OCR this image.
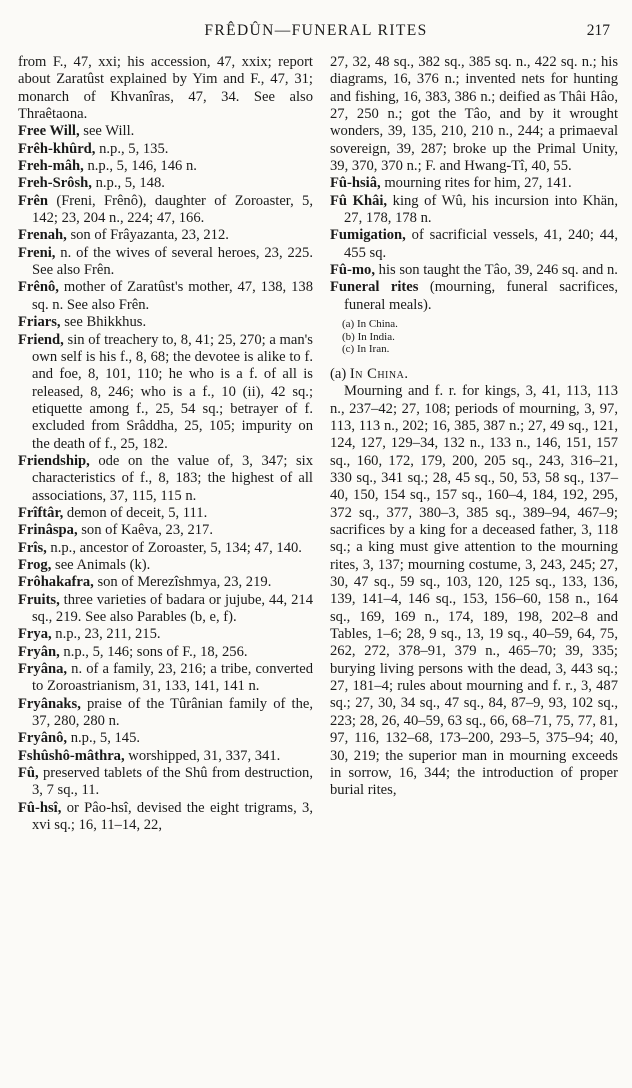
FRÊDÛN—FUNERAL RITES	217

from F., 47, xxi; his accession, 47, xxix; report about Zaratûst explained by Yim and F., 47, 31; monarch of Khvanîras, 47, 34. See also Thraêtaona.

Free Will, see Will.

Frêh-khûrd, n.p., 5, 135.

Freh-mâh, n.p., 5, 146, 146 n.

Freh-Srôsh, n.p., 5, 148.

Frên (Freni, Frênô), daughter of Zoroaster, 5, 142; 23, 204 n., 224; 47, 166.

Frenah, son of Frâyazanta, 23, 212.

Freni, n. of the wives of several heroes, 23, 225. See also Frên.

Frênô, mother of Zaratûst's mother, 47, 138, 138 sq. n. See also Frên.

Friars, see Bhikkhus.

Friend, sin of treachery to, 8, 41; 25, 270; a man's own self is his f., 8, 68; the devotee is alike to f. and foe, 8, 101, 110; he who is a f. of all is released, 8, 246; who is a f., 10 (ii), 42 sq.; etiquette among f., 25, 54 sq.; betrayer of f. excluded from Srâddha, 25, 105; impurity on the death of f., 25, 182.

Friendship, ode on the value of, 3, 347; six characteristics of f., 8, 183; the highest of all associations, 37, 115, 115 n.

Frîftâr, demon of deceit, 5, 111.

Frinâspa, son of Kaêva, 23, 217.

Frîs, n.p., ancestor of Zoroaster, 5, 134; 47, 140.

Frog, see Animals (k).

Frôhakafra, son of Merezîshmya, 23, 219.

Fruits, three varieties of badara or jujube, 44, 214 sq., 219. See also Parables (b, e, f).

Frya, n.p., 23, 211, 215.

Fryân, n.p., 5, 146; sons of F., 18, 256.

Fryâna, n. of a family, 23, 216; a tribe, converted to Zoroastrianism, 31, 133, 141, 141 n.

Fryânaks, praise of the Tûrânian family of the, 37, 280, 280 n.

Fryânô, n.p., 5, 145.

Fshûshô-mâthra, worshipped, 31, 337, 341.

Fû, preserved tablets of the Shû from destruction, 3, 7 sq., 11.

Fû-hsî, or Pâo-hsî, devised the eight trigrams, 3, xvi sq.; 16, 11–14, 22,

27, 32, 48 sq., 382 sq., 385 sq. n., 422 sq. n.; his diagrams, 16, 376 n.; invented nets for hunting and fishing, 16, 383, 386 n.; deified as Thâi Hâo, 27, 250 n.; got the Tâo, and by it wrought wonders, 39, 135, 210, 210 n., 244; a primaeval sovereign, 39, 287; broke up the Primal Unity, 39, 370, 370 n.; F. and Hwang-Tî, 40, 55.

Fû-hsiâ, mourning rites for him, 27, 141.

Fû Khâi, king of Wû, his incursion into Khän, 27, 178, 178 n.

Fumigation, of sacrificial vessels, 41, 240; 44, 455 sq.

Fû-mo, his son taught the Tâo, 39, 246 sq. and n.

Funeral rites (mourning, funeral sacrifices, funeral meals).

(a) In China.
(b) In India.
(c) In Iran.

(a) In China.

Mourning and f. r. for kings, 3, 41, 113, 113 n., 237–42; 27, 108; periods of mourning, 3, 97, 113, 113 n., 202; 16, 385, 387 n.; 27, 49 sq., 121, 124, 127, 129–34, 132 n., 133 n., 146, 151, 157 sq., 160, 172, 179, 200, 205 sq., 243, 316–21, 330 sq., 341 sq.; 28, 45 sq., 50, 53, 58 sq., 137–40, 150, 154 sq., 157 sq., 160–4, 184, 192, 295, 372 sq., 377, 380–3, 385 sq., 389–94, 467–9; sacrifices by a king for a deceased father, 3, 118 sq.; a king must give attention to the mourning rites, 3, 137; mourning costume, 3, 243, 245; 27, 30, 47 sq., 59 sq., 103, 120, 125 sq., 133, 136, 139, 141–4, 146 sq., 153, 156–60, 158 n., 164 sq., 169, 169 n., 174, 189, 198, 202–8 and Tables, 1–6; 28, 9 sq., 13, 19 sq., 40–59, 64, 75, 262, 272, 378–91, 379 n., 465–70; 39, 335; burying living persons with the dead, 3, 443 sq.; 27, 181–4; rules about mourning and f. r., 3, 487 sq.; 27, 30, 34 sq., 47 sq., 84, 87–9, 93, 102 sq., 223; 28, 26, 40–59, 63 sq., 66, 68–71, 75, 77, 81, 97, 116, 132–68, 173–200, 293–5, 375–94; 40, 30, 219; the superior man in mourning exceeds in sorrow, 16, 344; the introduction of proper burial rites,
